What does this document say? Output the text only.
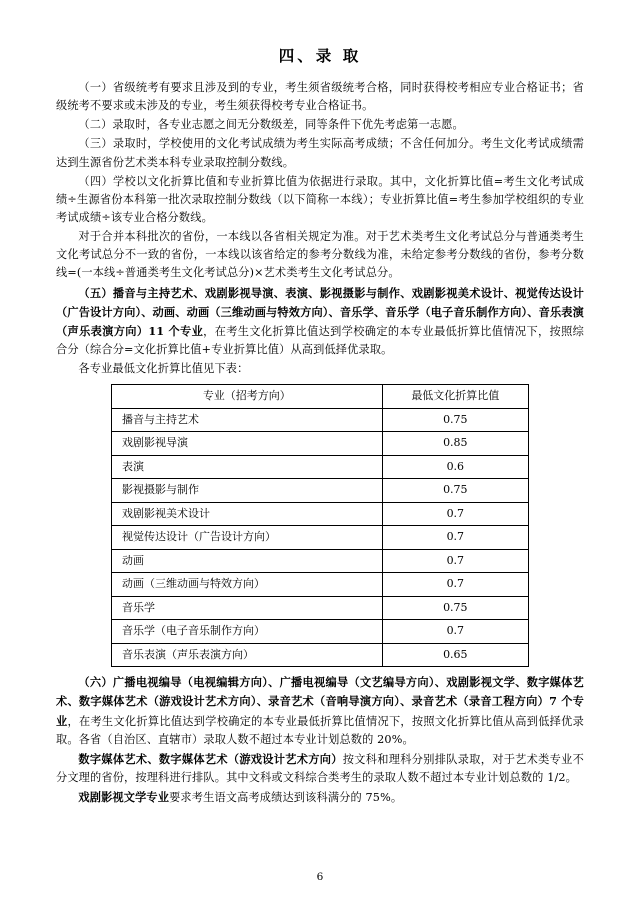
四、录 取

（一）省级统考有要求且涉及到的专业，考生须省级统考合格，同时获得校考相应专业合格证书；省级统考不要求或未涉及的专业，考生须获得校考专业合格证书。

（二）录取时，各专业志愿之间无分数级差，同等条件下优先考虑第一志愿。

（三）录取时，学校使用的文化考试成绩为考生实际高考成绩；不含任何加分。考生文化考试成绩需达到生源省份艺术类本科专业录取控制分数线。

（四）学校以文化折算比值和专业折算比值为依据进行录取。其中，文化折算比值=考生文化考试成绩÷生源省份本科第一批次录取控制分数线（以下简称一本线）；专业折算比值=考生参加学校组织的专业考试成绩÷该专业合格分数线。

对于合并本科批次的省份，一本线以各省相关规定为准。对于艺术类考生文化考试总分与普通类考生文化考试总分不一致的省份，一本线以该省给定的参考分数线为准，未给定参考分数线的省份，参考分数线=(一本线÷普通类考生文化考试总分)×艺术类考生文化考试总分。

（五）播音与主持艺术、戏剧影视导演、表演、影视摄影与制作、戏剧影视美术设计、视觉传达设计（广告设计方向）、动画、动画（三维动画与特效方向）、音乐学、音乐学（电子音乐制作方向）、音乐表演（声乐表演方向）11 个专业，在考生文化折算比值达到学校确定的本专业最低折算比值情况下，按照综合分（综合分=文化折算比值+专业折算比值）从高到低择优录取。

各专业最低文化折算比值见下表：

专业（招考方向）	最低文化折算比值
播音与主持艺术	0.75
戏剧影视导演	0.85
表演	0.6
影视摄影与制作	0.75
戏剧影视美术设计	0.7
视觉传达设计（广告设计方向）	0.7
动画	0.7
动画（三维动画与特效方向）	0.7
音乐学	0.75
音乐学（电子音乐制作方向）	0.7
音乐表演（声乐表演方向）	0.65

（六）广播电视编导（电视编辑方向）、广播电视编导（文艺编导方向）、戏剧影视文学、数字媒体艺术、数字媒体艺术（游戏设计艺术方向）、录音艺术（音响导演方向）、录音艺术（录音工程方向）7 个专业，在考生文化折算比值达到学校确定的本专业最低折算比值情况下，按照文化折算比值从高到低择优录取。各省（自治区、直辖市）录取人数不超过本专业计划总数的 20%。

数字媒体艺术、数字媒体艺术（游戏设计艺术方向）按文科和理科分别排队录取，对于艺术类专业不分文理的省份，按理科进行排队。其中文科或文科综合类考生的录取人数不超过本专业计划总数的 1/2。

戏剧影视文学专业要求考生语文高考成绩达到该科满分的 75%。

6
